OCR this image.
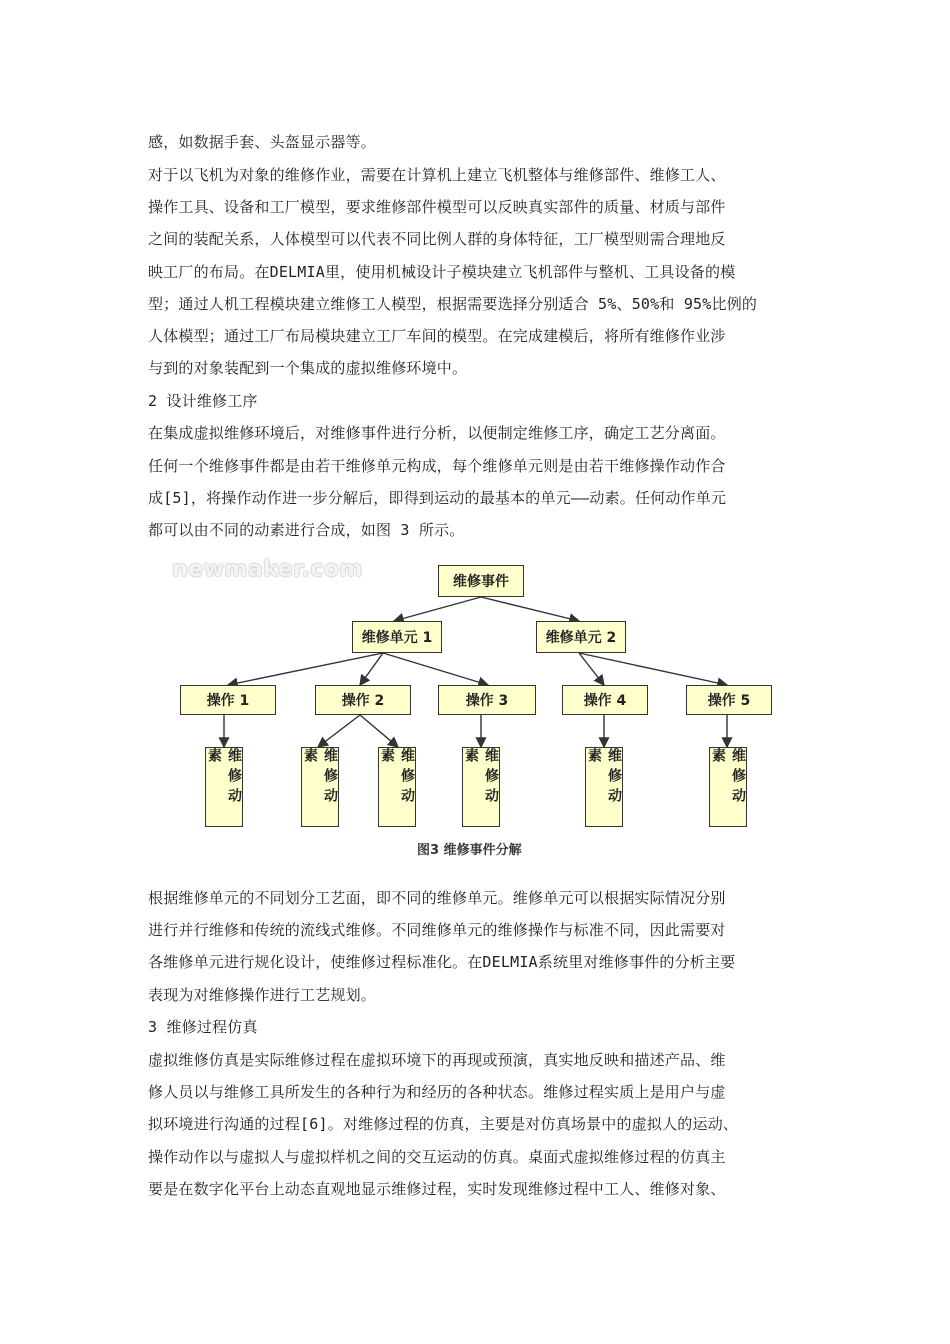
感，如数据手套、头盔显示器等。
对于以飞机为对象的维修作业，需要在计算机上建立飞机整体与维修部件、维修工人、
操作工具、设备和工厂模型，要求维修部件模型可以反映真实部件的质量、材质与部件
之间的装配关系，人体模型可以代表不同比例人群的身体特征，工厂模型则需合理地反
映工厂的布局。在DELMIA里，使用机械设计子模块建立飞机部件与整机、工具设备的模
型；通过人机工程模块建立维修工人模型，根据需要选择分别适合 5%、50%和 95%比例的
人体模型；通过工厂布局模块建立工厂车间的模型。在完成建模后，将所有维修作业涉
与到的对象装配到一个集成的虚拟维修环境中。
2 设计维修工序
在集成虚拟维修环境后，对维修事件进行分析，以便制定维修工序，确定工艺分离面。
任何一个维修事件都是由若干维修单元构成，每个维修单元则是由若干维修操作动作合
成[5]，将操作动作进一步分解后，即得到运动的最基本的单元——动素。任何动作单元
都可以由不同的动素进行合成，如图 3 所示。
newmaker.com	维修事件
维修单元 1	维修单元 2
操作 1	操作 2	操作 3	操作 4	操作 5
维修动素	维修动素	维修动素	维修动素	维修动素	维修动素
图3 维修事件分解
根据维修单元的不同划分工艺面，即不同的维修单元。维修单元可以根据实际情况分别
进行并行维修和传统的流线式维修。不同维修单元的维修操作与标准不同，因此需要对
各维修单元进行规化设计，使维修过程标准化。在DELMIA系统里对维修事件的分析主要
表现为对维修操作进行工艺规划。
3 维修过程仿真
虚拟维修仿真是实际维修过程在虚拟环境下的再现或预演，真实地反映和描述产品、维
修人员以与维修工具所发生的各种行为和经历的各种状态。维修过程实质上是用户与虚
拟环境进行沟通的过程[6]。对维修过程的仿真，主要是对仿真场景中的虚拟人的运动、
操作动作以与虚拟人与虚拟样机之间的交互运动的仿真。桌面式虚拟维修过程的仿真主
要是在数字化平台上动态直观地显示维修过程，实时发现维修过程中工人、维修对象、
